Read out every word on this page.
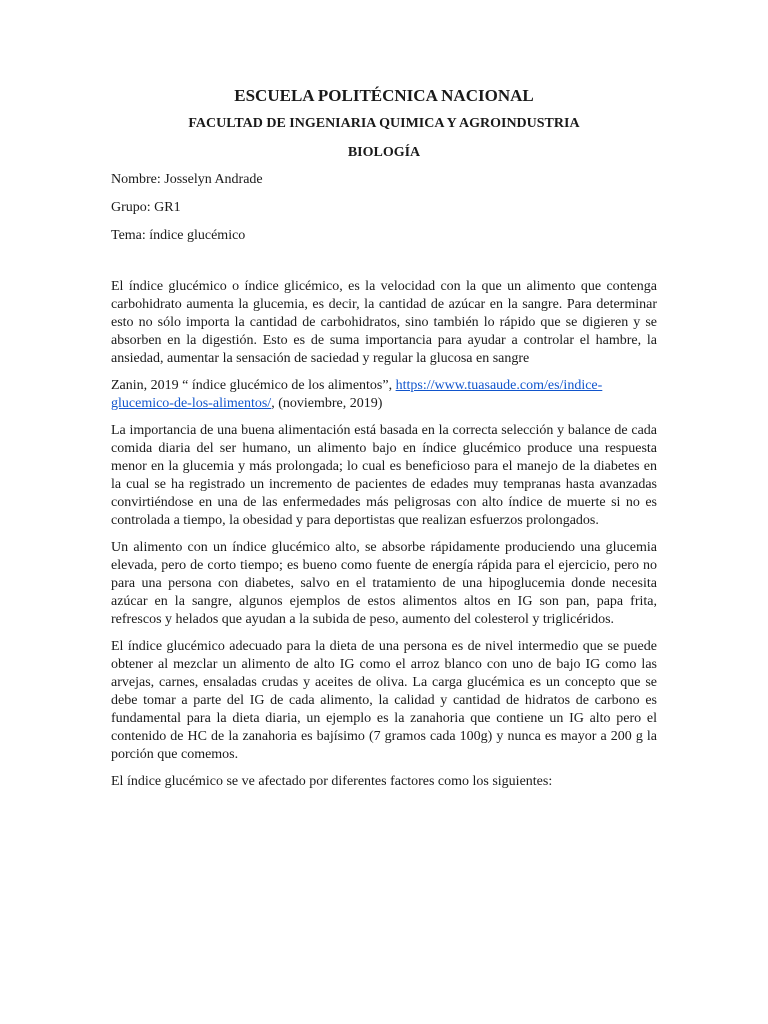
ESCUELA POLITÉCNICA NACIONAL
FACULTAD DE INGENIARIA QUIMICA Y AGROINDUSTRIA
BIOLOGÍA
Nombre: Josselyn Andrade
Grupo: GR1
Tema: índice glucémico

El índice glucémico o índice glicémico, es la velocidad con la que un alimento que contenga carbohidrato aumenta la glucemia, es decir, la cantidad de azúcar en la sangre. Para determinar esto no sólo importa la cantidad de carbohidratos, sino también lo rápido que se digieren y se absorben en la digestión. Esto es de suma importancia para ayudar a controlar el hambre, la ansiedad, aumentar la sensación de saciedad y regular la glucosa en sangre

Zanin, 2019 “ índice glucémico de los alimentos”, https://www.tuasaude.com/es/indice-glucemico-de-los-alimentos/, (noviembre, 2019)

La importancia de una buena alimentación está basada en la correcta selección y balance de cada comida diaria del ser humano, un alimento bajo en índice glucémico produce una respuesta menor en la glucemia y más prolongada; lo cual es beneficioso para el manejo de la diabetes en la cual se ha registrado un incremento de pacientes de edades muy tempranas hasta avanzadas convirtiéndose en una de las enfermedades más peligrosas con alto índice de muerte si no es controlada a tiempo, la obesidad y para deportistas que realizan esfuerzos prolongados.

Un alimento con un índice glucémico alto, se absorbe rápidamente produciendo una glucemia elevada, pero de corto tiempo; es bueno como fuente de energía rápida para el ejercicio, pero no para una persona con diabetes, salvo en el tratamiento de una hipoglucemia donde necesita azúcar en la sangre, algunos ejemplos de estos alimentos altos en IG son pan, papa frita, refrescos y helados que ayudan a la subida de peso, aumento del colesterol y triglicéridos.

El índice glucémico adecuado para la dieta de una persona es de nivel intermedio que se puede obtener al mezclar un alimento de alto IG como el arroz blanco con uno de bajo IG como las arvejas, carnes, ensaladas crudas y aceites de oliva. La carga glucémica es un concepto que se debe tomar a parte del IG de cada alimento, la calidad y cantidad de hidratos de carbono es fundamental para la dieta diaria, un ejemplo es la zanahoria que contiene un IG alto pero el contenido de HC de la zanahoria es bajísimo (7 gramos cada 100g) y nunca es mayor a 200 g la porción que comemos.

El índice glucémico se ve afectado por diferentes factores como los siguientes:
